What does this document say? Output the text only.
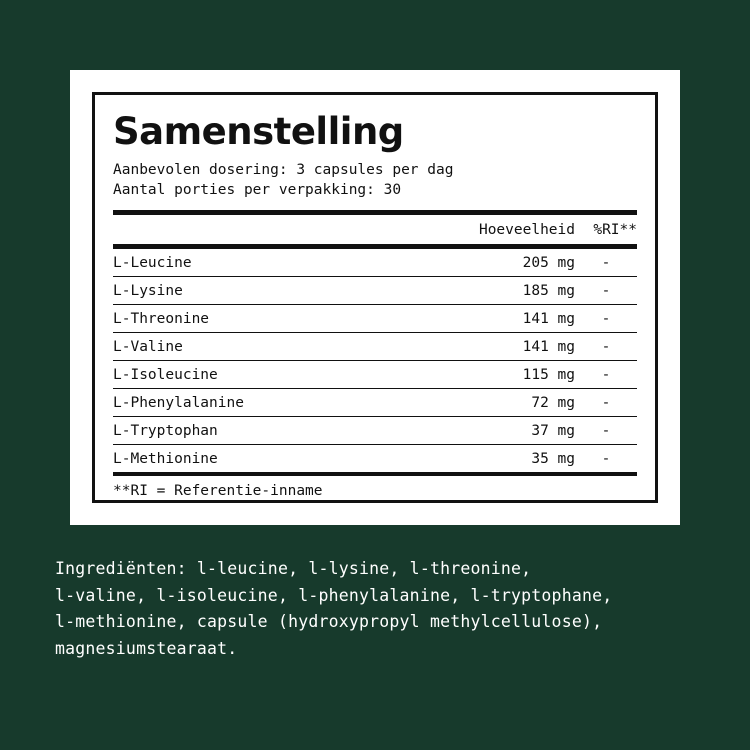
Samenstelling
Aanbevolen dosering: 3 capsules per dag
Aantal porties per verpakking: 30
	Hoeveelheid	%RI**
L-Leucine	205 mg	-
L-Lysine	185 mg	-
L-Threonine	141 mg	-
L-Valine	141 mg	-
L-Isoleucine	115 mg	-
L-Phenylalanine	72 mg	-
L-Tryptophan	37 mg	-
L-Methionine	35 mg	-
**RI = Referentie-inname
Ingrediënten: l-leucine, l-lysine, l-threonine,
l-valine, l-isoleucine, l-phenylalanine, l-tryptophane,
l-methionine, capsule (hydroxypropyl methylcellulose),
magnesiumstearaat.
